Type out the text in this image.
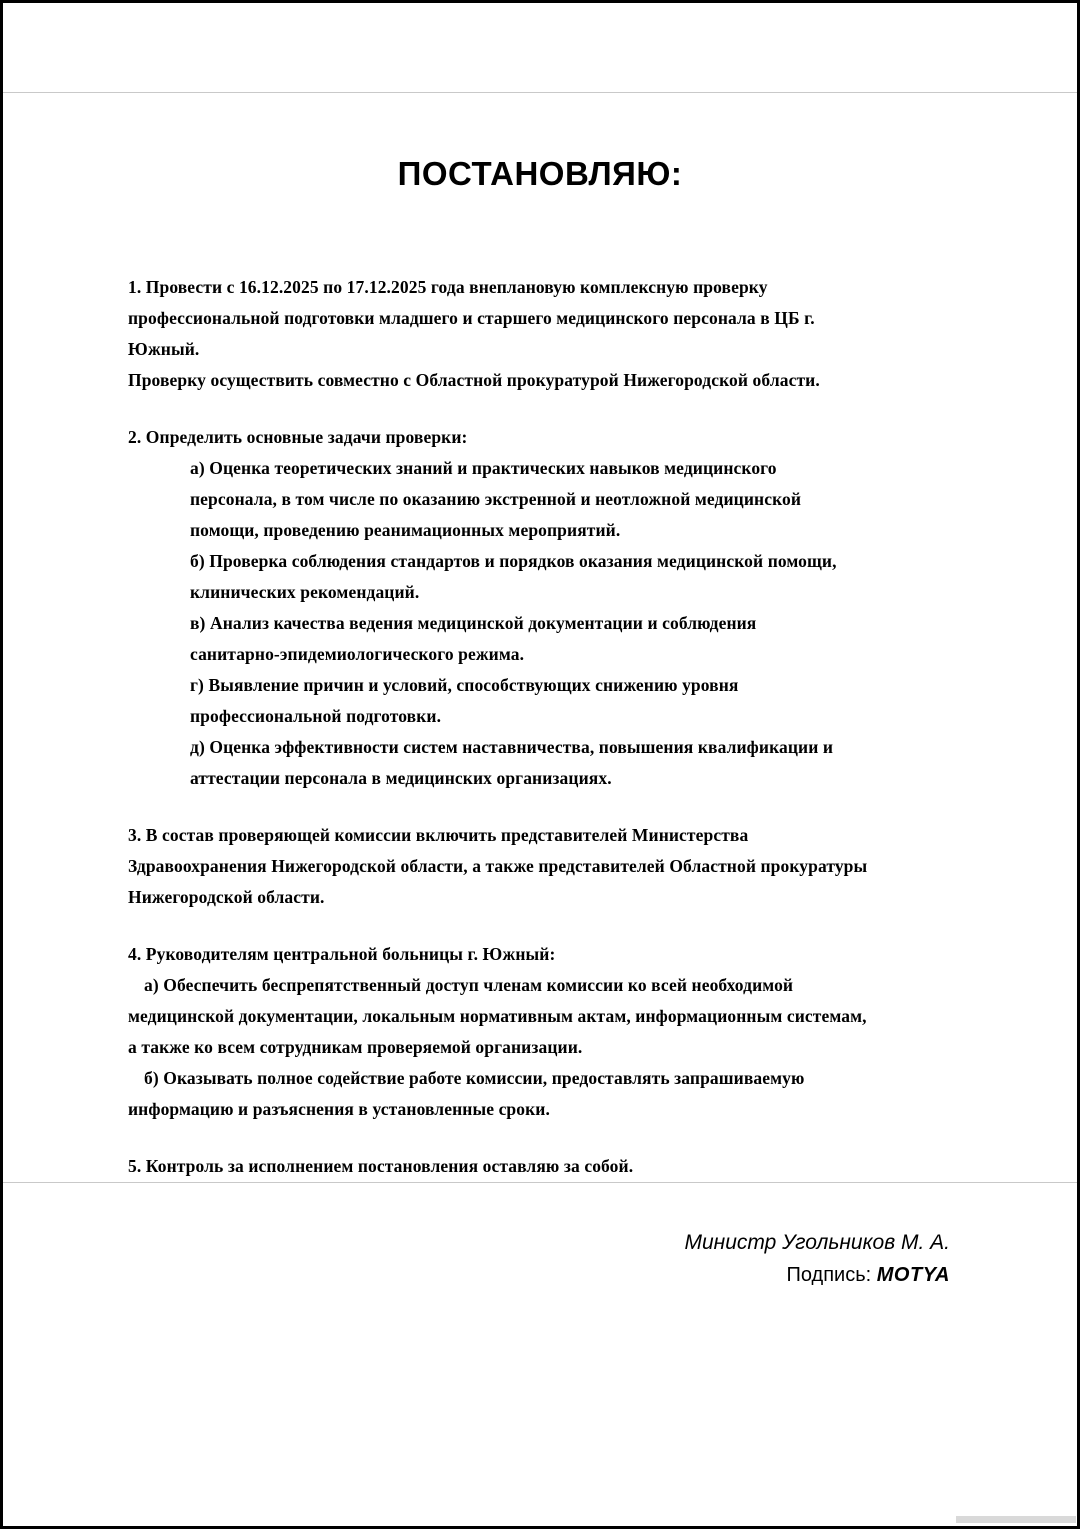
ПОСТАНОВЛЯЮ:

1. Провести с 16.12.2025 по 17.12.2025 года внеплановую комплексную проверку

профессиональной подготовки младшего и старшего медицинского персонала в ЦБ г.

Южный.

Проверку осуществить совместно с Областной прокуратурой Нижегородской области.

2. Определить основные задачи проверки:

а) Оценка теоретических знаний и практических навыков медицинского

персонала, в том числе по оказанию экстренной и неотложной медицинской

помощи, проведению реанимационных мероприятий.

б) Проверка соблюдения стандартов и порядков оказания медицинской помощи,

клинических рекомендаций.

в) Анализ качества ведения медицинской документации и соблюдения

санитарно-эпидемиологического режима.

г) Выявление причин и условий, способствующих снижению уровня

профессиональной подготовки.

д) Оценка эффективности систем наставничества, повышения квалификации и

аттестации персонала в медицинских организациях.

3. В состав проверяющей комиссии включить представителей Министерства

Здравоохранения Нижегородской области, а также представителей Областной прокуратуры

Нижегородской области.

4. Руководителям центральной больницы г. Южный:

а) Обеспечить беспрепятственный доступ членам комиссии ко всей необходимой

медицинской документации, локальным нормативным актам, информационным системам,

а также ко всем сотрудникам проверяемой организации.

б) Оказывать полное содействие работе комиссии, предоставлять запрашиваемую

информацию и разъяснения в установленные сроки.

5. Контроль за исполнением постановления оставляю за собой.

Министр Угольников М. А.
Подпись: MOTYA
